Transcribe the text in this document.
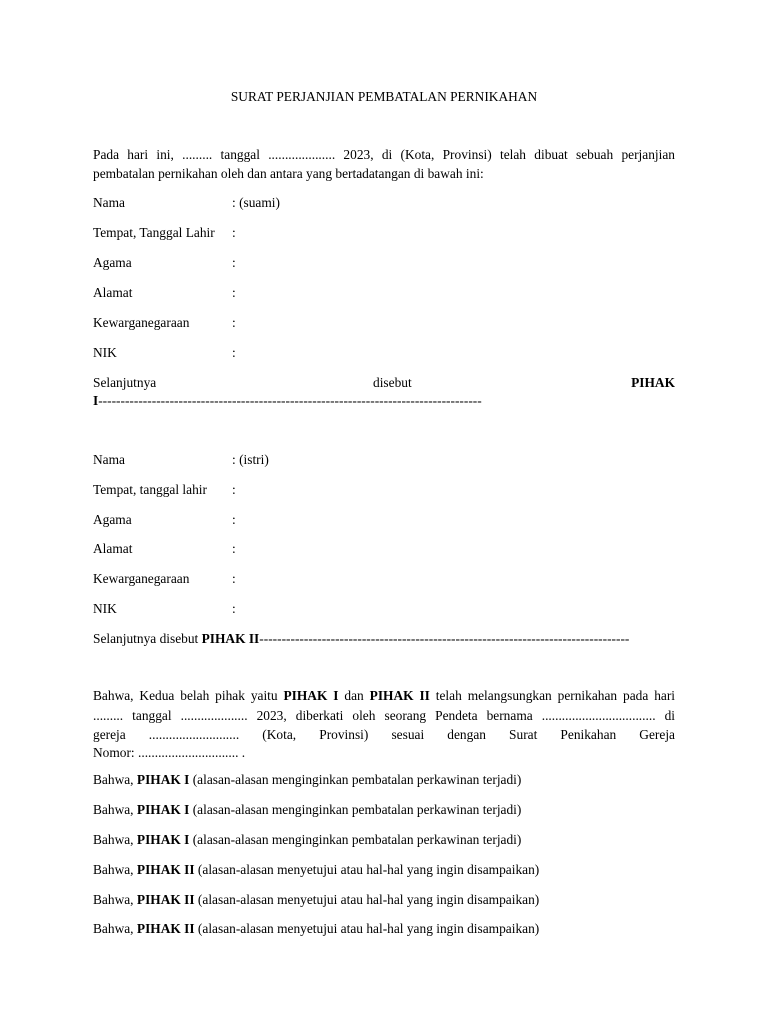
SURAT PERJANJIAN PEMBATALAN PERNIKAHAN
Pada hari ini, ......... tanggal .................... 2023, di (Kota, Provinsi) telah dibuat sebuah perjanjian
pembatalan pernikahan oleh dan antara yang bertadatangan di bawah ini:
Nama	: (suami)
Tempat, Tanggal Lahir :
Agama	:
Alamat	:
Kewarganegaraan	:
NIK	:
Selanjutnya	disebut	PIHAK
I--------------------------------------------------------------------------------------
Nama	: (istri)
Tempat, tanggal lahir :
Agama	:
Alamat	:
Kewarganegaraan	:
NIK	:
Selanjutnya disebut PIHAK II-----------------------------------------------------------------------------------
Bahwa, Kedua belah pihak yaitu PIHAK I dan PIHAK II telah melangsungkan pernikahan pada hari
......... tanggal .................... 2023, diberkati oleh seorang Pendeta bernama .................................. di
gereja ........................... (Kota, Provinsi) sesuai dengan Surat Penikahan Gereja
Nomor: .............................. .
Bahwa, PIHAK I (alasan-alasan menginginkan pembatalan perkawinan terjadi)
Bahwa, PIHAK I (alasan-alasan menginginkan pembatalan perkawinan terjadi)
Bahwa, PIHAK I (alasan-alasan menginginkan pembatalan perkawinan terjadi)
Bahwa, PIHAK II (alasan-alasan menyetujui atau hal-hal yang ingin disampaikan)
Bahwa, PIHAK II (alasan-alasan menyetujui atau hal-hal yang ingin disampaikan)
Bahwa, PIHAK II (alasan-alasan menyetujui atau hal-hal yang ingin disampaikan)
